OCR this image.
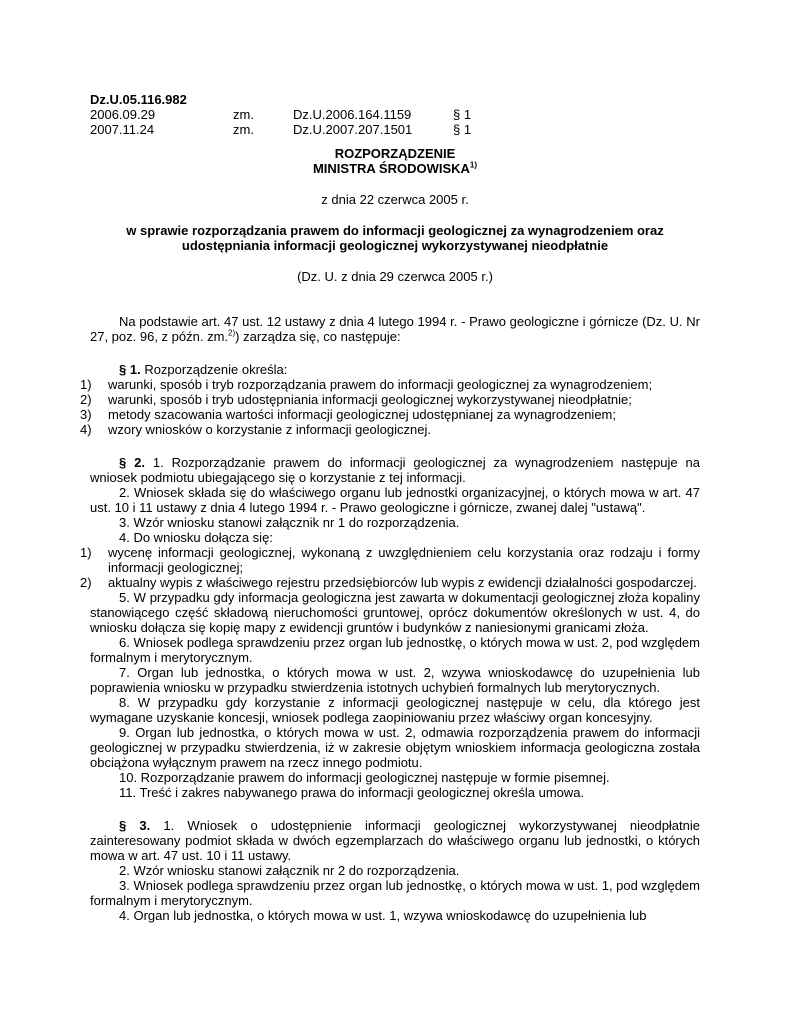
Dz.U.05.116.982
2006.09.29	zm.	Dz.U.2006.164.1159	§ 1
2007.11.24	zm.	Dz.U.2007.207.1501	§ 1
ROZPORZĄDZENIE
MINISTRA ŚRODOWISKA$^{1)}$
z dnia 22 czerwca 2005 r.
w sprawie rozporządzania prawem do informacji geologicznej za wynagrodzeniem oraz
udostępniania informacji geologicznej wykorzystywanej nieodpłatnie
(Dz. U. z dnia 29 czerwca 2005 r.)
Na podstawie art. 47 ust. 12 ustawy z dnia 4 lutego 1994 r. - Prawo geologiczne i górnicze (Dz. U. Nr 27, poz. 96, z późn. zm.$^{2)}$) zarządza się, co następuje:
§ 1. Rozporządzenie określa:
1) warunki, sposób i tryb rozporządzania prawem do informacji geologicznej za wynagrodzeniem;
2) warunki, sposób i tryb udostępniania informacji geologicznej wykorzystywanej nieodpłatnie;
3) metody szacowania wartości informacji geologicznej udostępnianej za wynagrodzeniem;
4) wzory wniosków o korzystanie z informacji geologicznej.
§ 2. 1. Rozporządzanie prawem do informacji geologicznej za wynagrodzeniem następuje na wniosek podmiotu ubiegającego się o korzystanie z tej informacji.
2. Wniosek składa się do właściwego organu lub jednostki organizacyjnej, o których mowa w art. 47 ust. 10 i 11 ustawy z dnia 4 lutego 1994 r. - Prawo geologiczne i górnicze, zwanej dalej "ustawą".
3. Wzór wniosku stanowi załącznik nr 1 do rozporządzenia.
4. Do wniosku dołącza się:
1) wycenę informacji geologicznej, wykonaną z uwzględnieniem celu korzystania oraz rodzaju i formy informacji geologicznej;
2) aktualny wypis z właściwego rejestru przedsiębiorców lub wypis z ewidencji działalności gospodarczej.
5. W przypadku gdy informacja geologiczna jest zawarta w dokumentacji geologicznej złoża kopaliny stanowiącego część składową nieruchomości gruntowej, oprócz dokumentów określonych w ust. 4, do wniosku dołącza się kopię mapy z ewidencji gruntów i budynków z naniesionymi granicami złoża.
6. Wniosek podlega sprawdzeniu przez organ lub jednostkę, o których mowa w ust. 2, pod względem formalnym i merytorycznym.
7. Organ lub jednostka, o których mowa w ust. 2, wzywa wnioskodawcę do uzupełnienia lub poprawienia wniosku w przypadku stwierdzenia istotnych uchybień formalnych lub merytorycznych.
8. W przypadku gdy korzystanie z informacji geologicznej następuje w celu, dla którego jest wymagane uzyskanie koncesji, wniosek podlega zaopiniowaniu przez właściwy organ koncesyjny.
9. Organ lub jednostka, o których mowa w ust. 2, odmawia rozporządzenia prawem do informacji geologicznej w przypadku stwierdzenia, iż w zakresie objętym wnioskiem informacja geologiczna została obciążona wyłącznym prawem na rzecz innego podmiotu.
10. Rozporządzanie prawem do informacji geologicznej następuje w formie pisemnej.
11. Treść i zakres nabywanego prawa do informacji geologicznej określa umowa.
§ 3. 1. Wniosek o udostępnienie informacji geologicznej wykorzystywanej nieodpłatnie zainteresowany podmiot składa w dwóch egzemplarzach do właściwego organu lub jednostki, o których mowa w art. 47 ust. 10 i 11 ustawy.
2. Wzór wniosku stanowi załącznik nr 2 do rozporządzenia.
3. Wniosek podlega sprawdzeniu przez organ lub jednostkę, o których mowa w ust. 1, pod względem formalnym i merytorycznym.
4. Organ lub jednostka, o których mowa w ust. 1, wzywa wnioskodawcę do uzupełnienia lub
